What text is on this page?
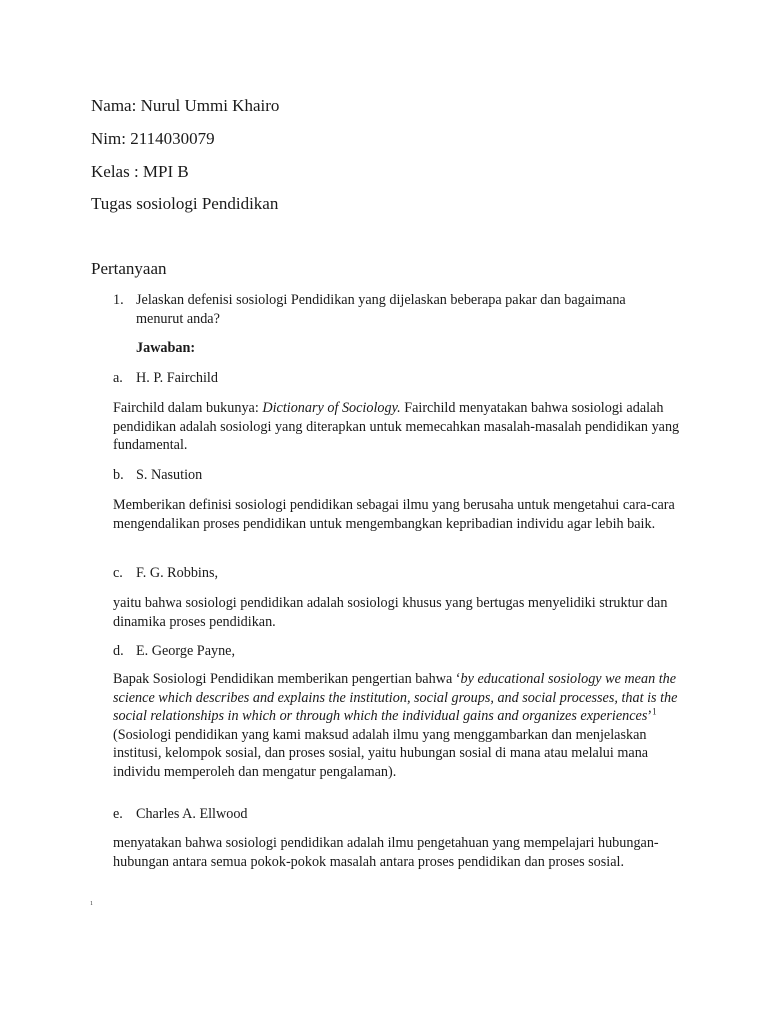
Nama: Nurul Ummi Khairo
Nim: 2114030079
Kelas : MPI B
Tugas sosiologi Pendidikan
Pertanyaan
1. Jelaskan defenisi sosiologi Pendidikan yang dijelaskan beberapa pakar dan bagaimana menurut anda?
Jawaban:
a. H. P. Fairchild
Fairchild dalam bukunya: Dictionary of Sociology. Fairchild menyatakan bahwa sosiologi adalah pendidikan adalah sosiologi yang diterapkan untuk memecahkan masalah-masalah pendidikan yang fundamental.
b. S. Nasution
Memberikan definisi sosiologi pendidikan sebagai ilmu yang berusaha untuk mengetahui cara-cara mengendalikan proses pendidikan untuk mengembangkan kepribadian individu agar lebih baik.
c. F. G. Robbins,
yaitu bahwa sosiologi pendidikan adalah sosiologi khusus yang bertugas menyelidiki struktur dan dinamika proses pendidikan.
d. E. George Payne,
Bapak Sosiologi Pendidikan memberikan pengertian bahwa ‘by educational sosiology we mean the science which describes and explains the institution, social groups, and social processes, that is the social relationships in which or through which the individual gains and organizes experiences’$^1$ (Sosiologi pendidikan yang kami maksud adalah ilmu yang menggambarkan dan menjelaskan institusi, kelompok sosial, dan proses sosial, yaitu hubungan sosial di mana atau melalui mana individu memperoleh dan mengatur pengalaman).
e. Charles A. Ellwood
menyatakan bahwa sosiologi pendidikan adalah ilmu pengetahuan yang mempelajari hubungan-hubungan antara semua pokok-pokok masalah antara proses pendidikan dan proses sosial.
1
